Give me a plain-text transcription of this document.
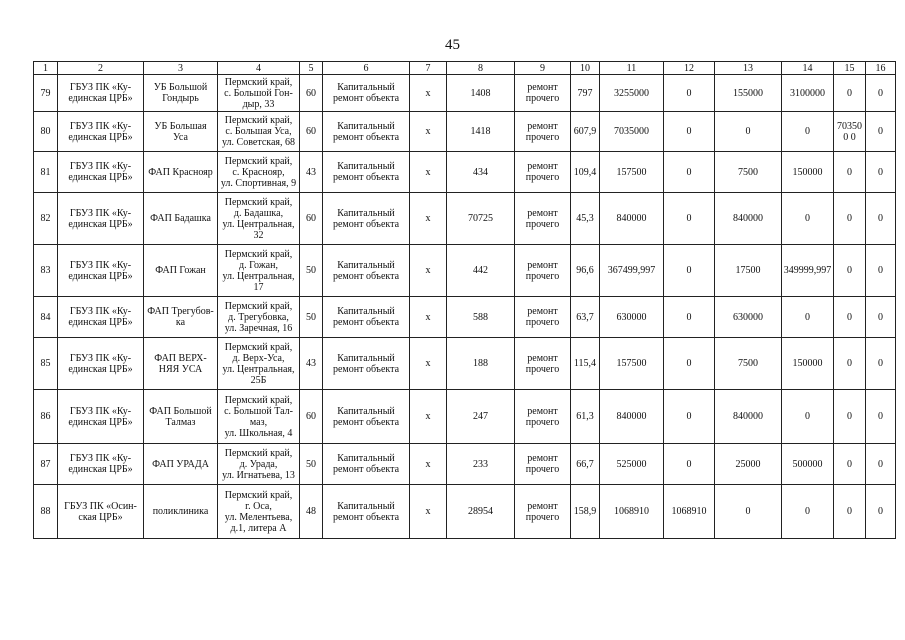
45
1	2	3	4	5	6	7	8	9	10	11	12	13	14	15	16
79	ГБУЗ ПК «Ку-
единская ЦРБ»	УБ Большой
Гондырь	Пермский край,
с. Большой Гон-
дыр, 33	60	Капитальный
ремонт объекта	х	1408	ремонт
прочего	797	3255000	0	155000	3100000	0	0
80	ГБУЗ ПК «Ку-
единская ЦРБ»	УБ Большая
Уса	Пермский край,
с. Большая Уса,
ул. Советская, 68	60	Капитальный
ремонт объекта	х	1418	ремонт
прочего	607,9	7035000	0	0	0	703500 0	0
81	ГБУЗ ПК «Ку-
единская ЦРБ»	ФАП Краснояр	Пермский край,
с. Краснояр,
ул. Спортивная, 9	43	Капитальный
ремонт объекта	х	434	ремонт
прочего	109,4	157500	0	7500	150000	0	0
82	ГБУЗ ПК «Ку-
единская ЦРБ»	ФАП Бадашка	Пермский край,
д. Бадашка,
ул. Центральная,
32	60	Капитальный
ремонт объекта	х	70725	ремонт
прочего	45,3	840000	0	840000	0	0	0
83	ГБУЗ ПК «Ку-
единская ЦРБ»	ФАП Гожан	Пермский край,
д. Гожан,
ул. Центральная,
17	50	Капитальный
ремонт объекта	х	442	ремонт
прочего	96,6	367499,997	0	17500	349999,997	0	0
84	ГБУЗ ПК «Ку-
единская ЦРБ»	ФАП Трегубов-
ка	Пермский край,
д. Трегубовка,
ул. Заречная, 16	50	Капитальный
ремонт объекта	х	588	ремонт
прочего	63,7	630000	0	630000	0	0	0
85	ГБУЗ ПК «Ку-
единская ЦРБ»	ФАП ВЕРХ-
НЯЯ УСА	Пермский край,
д. Верх-Уса,
ул. Центральная,
25Б	43	Капитальный
ремонт объекта	х	188	ремонт
прочего	115,4	157500	0	7500	150000	0	0
86	ГБУЗ ПК «Ку-
единская ЦРБ»	ФАП Большой
Талмаз	Пермский край,
с. Большой Тал-
маз,
ул. Школьная, 4	60	Капитальный
ремонт объекта	х	247	ремонт
прочего	61,3	840000	0	840000	0	0	0
87	ГБУЗ ПК «Ку-
единская ЦРБ»	ФАП УРАДА	Пермский край,
д. Урада,
ул. Игнатьева, 13	50	Капитальный
ремонт объекта	х	233	ремонт
прочего	66,7	525000	0	25000	500000	0	0
88	ГБУЗ ПК «Осин-
ская ЦРБ»	поликлиника	Пермский край,
г. Оса,
ул. Мелентьева,
д.1, литера А	48	Капитальный
ремонт объекта	х	28954	ремонт
прочего	158,9	1068910	1068910	0	0	0	0
